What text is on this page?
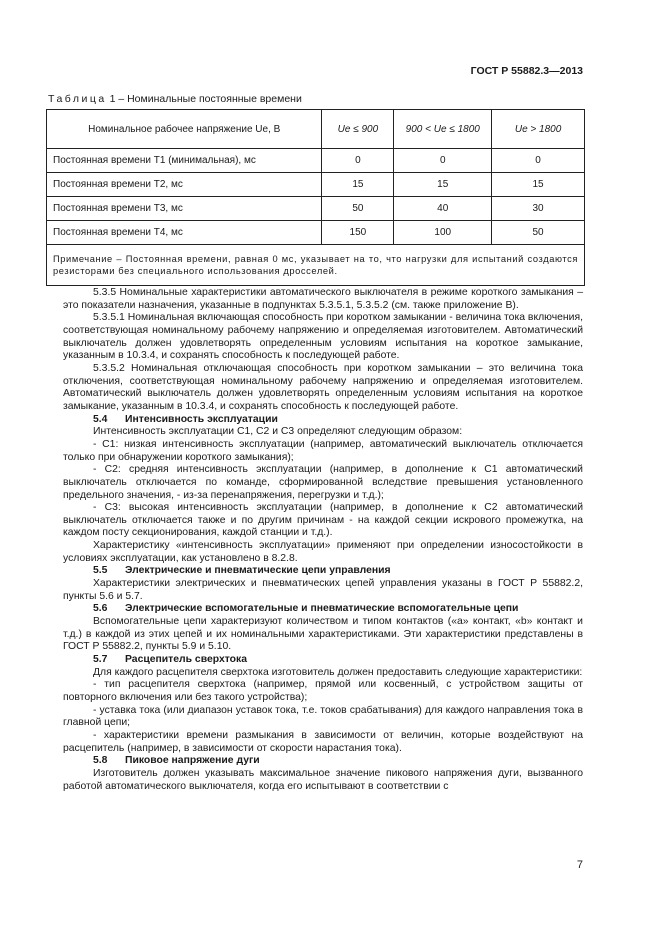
ГОСТ Р 55882.3—2013
Таблица 1 – Номинальные постоянные времени
Номинальное рабочее напряжение Ue, В	Ue ≤ 900	900 < Ue ≤ 1800	Ue > 1800
Постоянная времени T1 (минимальная), мс	0	0	0
Постоянная времени T2, мс	15	15	15
Постоянная времени T3, мс	50	40	30
Постоянная времени T4, мс	150	100	50
Примечание – Постоянная времени, равная 0 мс, указывает на то, что нагрузки для испытаний создаются резисторами без специального использования дросселей.			

5.3.5 Номинальные характеристики автоматического выключателя в режиме короткого замыкания – это показатели назначения, указанные в подпунктах 5.3.5.1, 5.3.5.2 (см. также приложение В).

5.3.5.1 Номинальная включающая способность при коротком замыкании - величина тока включения, соответствующая номинальному рабочему напряжению и определяемая изготовителем. Автоматический выключатель должен удовлетворять определенным условиям испытания на короткое замыкание, указанным в 10.3.4, и сохранять способность к последующей работе.

5.3.5.2 Номинальная отключающая способность при коротком замыкании – это величина тока отключения, соответствующая номинальному рабочему напряжению и определяемая изготовителем. Автоматический выключатель должен удовлетворять определенным условиям испытания на короткое замыкание, указанным в 10.3.4, и сохранять способность к последующей работе.

5.4 Интенсивность эксплуатации

Интенсивность эксплуатации С1, С2 и С3 определяют следующим образом:

- С1: низкая интенсивность эксплуатации (например, автоматический выключатель отключается только при обнаружении короткого замыкания);

- С2: средняя интенсивность эксплуатации (например, в дополнение к С1 автоматический выключатель отключается по команде, сформированной вследствие превышения установленного предельного значения, - из-за перенапряжения, перегрузки и т.д.);

- С3: высокая интенсивность эксплуатации (например, в дополнение к С2 автоматический выключатель отключается также и по другим причинам - на каждой секции искрового промежутка, на каждом посту секционирования, каждой станции и т.д.).

Характеристику «интенсивность эксплуатации» применяют при определении износостойкости в условиях эксплуатации, как установлено в 8.2.8.

5.5 Электрические и пневматические цепи управления

Характеристики электрических и пневматических цепей управления указаны в ГОСТ Р 55882.2, пункты 5.6 и 5.7.

5.6 Электрические вспомогательные и пневматические вспомогательные цепи

Вспомогательные цепи характеризуют количеством и типом контактов («а» контакт, «b» контакт и т.д.) в каждой из этих цепей и их номинальными характеристиками. Эти характеристики представлены в ГОСТ Р 55882.2, пункты 5.9 и 5.10.

5.7 Расцепитель сверхтока

Для каждого расцепителя сверхтока изготовитель должен предоставить следующие характеристики:

- тип расцепителя сверхтока (например, прямой или косвенный, с устройством защиты от повторного включения или без такого устройства);

- уставка тока (или диапазон уставок тока, т.е. токов срабатывания) для каждого направления тока в главной цепи;

- характеристики времени размыкания в зависимости от величин, которые воздействуют на расцепитель (например, в зависимости от скорости нарастания тока).

5.8 Пиковое напряжение дуги

Изготовитель должен указывать максимальное значение пикового напряжения дуги, вызванного работой автоматического выключателя, когда его испытывают в соответствии с

7
